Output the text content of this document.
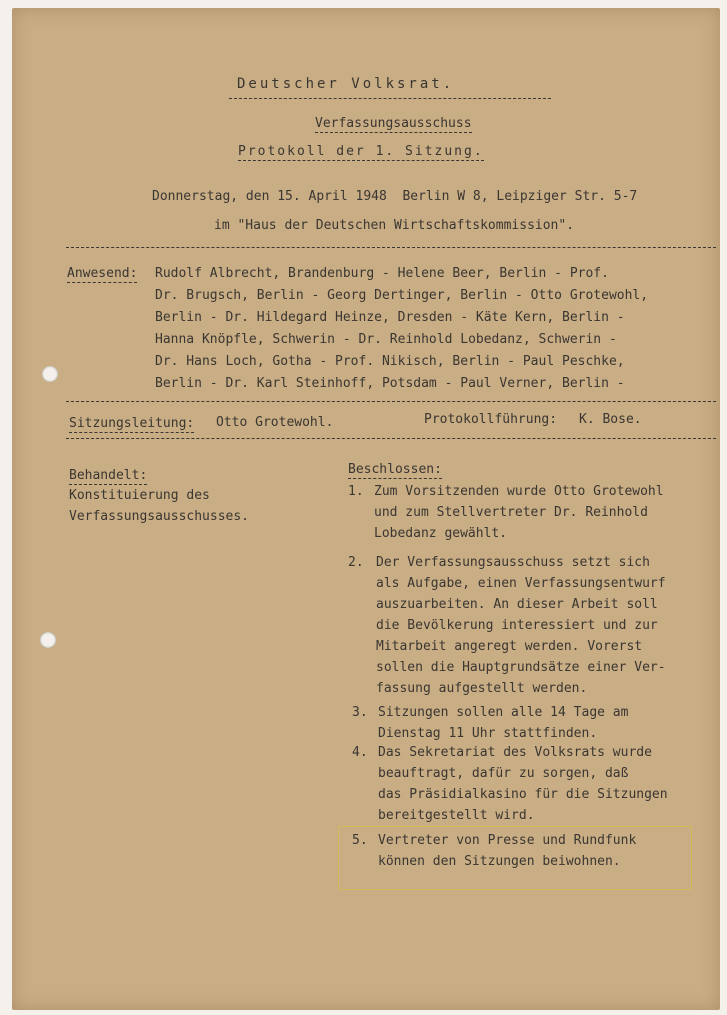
Deutscher Volksrat.
Verfassungsausschuss
Protokoll der 1. Sitzung.
Donnerstag, den 15. April 1948  Berlin W 8, Leipziger Str. 5-7
im "Haus der Deutschen Wirtschaftskommission".
Anwesend: Rudolf Albrecht, Brandenburg - Helene Beer, Berlin - Prof.
Dr. Brugsch, Berlin - Georg Dertinger, Berlin - Otto Grotewohl,
Berlin - Dr. Hildegard Heinze, Dresden - Käte Kern, Berlin -
Hanna Knöpfle, Schwerin - Dr. Reinhold Lobedanz, Schwerin -
Dr. Hans Loch, Gotha - Prof. Nikisch, Berlin - Paul Peschke,
Berlin - Dr. Karl Steinhoff, Potsdam - Paul Verner, Berlin -
Sitzungsleitung: Otto Grotewohl.	Protokollführung: K. Bose.
Behandelt:
Konstituierung des
Verfassungsausschusses.
Beschlossen:
1. Zum Vorsitzenden wurde Otto Grotewohl
und zum Stellvertreter Dr. Reinhold
Lobedanz gewählt.
2. Der Verfassungsausschuss setzt sich
als Aufgabe, einen Verfassungsentwurf
auszuarbeiten. An dieser Arbeit soll
die Bevölkerung interessiert und zur
Mitarbeit angeregt werden. Vorerst
sollen die Hauptgrundsätze einer Ver-
fassung aufgestellt werden.
3. Sitzungen sollen alle 14 Tage am
Dienstag 11 Uhr stattfinden.
4. Das Sekretariat des Volksrats wurde
beauftragt, dafür zu sorgen, daß
das Präsidialkasino für die Sitzungen
bereitgestellt wird.
5. Vertreter von Presse und Rundfunk
können den Sitzungen beiwohnen.
